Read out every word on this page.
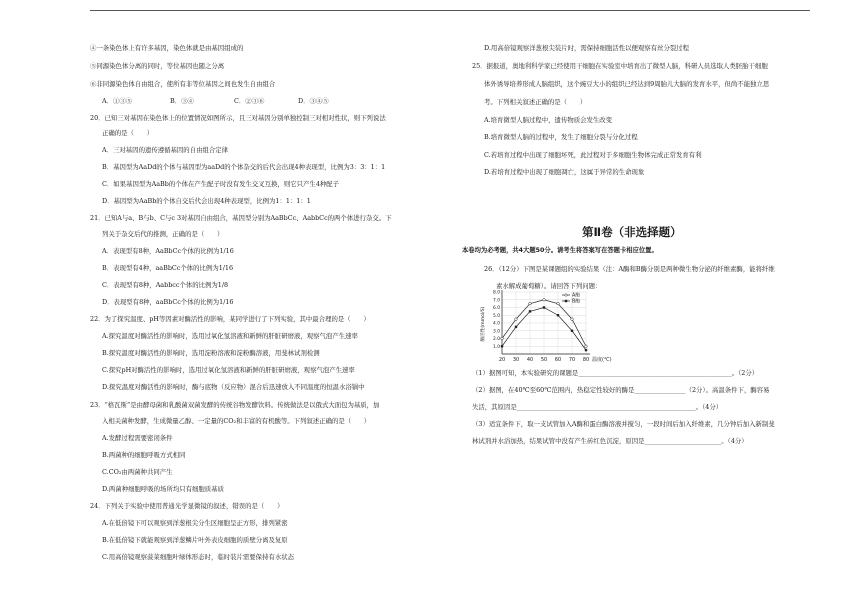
④一条染色体上有许多基因，染色体就是由基因组成的
⑤同源染色体分离的同时，等位基因也随之分离
⑥非同源染色体自由组合，使所有非等位基因之间也发生自由组合
A．①③⑤	B．③④	C．②③⑥	D．③④⑤
20．已知三对基因在染色体上的位置情况如图所示，且三对基因分别单独控制三对相对性状，则下列说法
正确的是（　　）
A．三对基因的遗传遵循基因的自由组合定律
B．基因型为AaDd的个体与基因型为aaDd的个体杂交的后代会出现4种表现型，比例为3：3：1：1
C．如果基因型为AaBb的个体在产生配子时没有发生交叉互换，则它只产生4种配子
D．基因型为AaBb的个体自交后代会出现4种表现型，比例为1：1：1：1
21．已知A与a、B与b、C与c 3对基因自由组合，基因型分别为AaBbCc、AabbCc的两个体进行杂交。下
列关于杂交后代的推测，正确的是（　　）
A．表现型有8种，AaBbCc个体的比例为1/16
B．表现型有4种，aaBbCc个体的比例为1/16
C．表现型有8种，Aabbcc个体的比例为1/8
D．表现型有8种，aaBbCc个体的比例为1/16
22．为了探究温度、pH等因素对酶活性的影响，某同学进行了下列实验，其中最合理的是（　　）
A.探究温度对酶活性的影响时，选用过氧化氢溶液和新鲜的肝脏研磨液，观察气泡产生速率
B.探究温度对酶活性的影响时，选用淀粉溶液和淀粉酶溶液，用斐林试剂检测
C.探究pH对酶活性的影响时，选用过氧化氢溶液和新鲜的肝脏研磨液，观察气泡产生速率
D.探究温度对酶活性的影响时，酶与底物（反应物）混合后迅速放入不同温度的恒温水浴锅中
23．“格瓦斯”是由酵母菌和乳酸菌双菌发酵的传统谷物发酵饮料。传统做法是以俄式大面包为基质，加
入相关菌种发酵，生成微量乙醇、一定量的CO₂和丰富的有机酸等。下列叙述正确的是（　　）
A.发酵过程需要密闭条件
B.两菌种的细胞呼吸方式相同
C.CO₂由两菌种共同产生
D.两菌种细胞呼吸的场所均只有细胞质基质
24．下列关于实验中使用普通光学显微镜的叙述，错误的是（　　）
A.在低倍镜下可以观察到洋葱根尖分生区细胞呈正方形，排列紧密
B.在低倍镜下就能观察到洋葱鳞片叶外表皮细胞的质壁分离及复原
C.用高倍镜观察菠菜细胞叶绿体形态时，临时装片需要保持有水状态
D.用高倍镜观察洋葱根尖装片时，需保持细胞活性以便观察有丝分裂过程
25．据报道，奥地利科学家已经使用干细胞在实验室中培育出了微型人脑，科研人员选取人类胚胎干细胞
体外诱导培养形成人脑组织，这个豌豆大小的组织已经达到9周胎儿大脑的发育水平，但尚不能独立思
考。下列相关叙述正确的是（　　）
A.培育微型人脑过程中，遗传物质会发生改变
B.培育微型人脑的过程中，发生了细胞分裂与分化过程
C.若培育过程中出现了细胞坏死，此过程对于多细胞生物体完成正常发育有利
D.若培育过程中出现了细胞凋亡，这属于异常的生命现象
第Ⅱ卷（非选择题）
本卷均为必考题，共4大题50分。请考生将答案写在答题卡相应位置。
26．（12分）下图是某课题组的实验结果（注：A酶和B酶分别是两种微生物分泌的纤维素酶，能将纤维
素水解成葡萄糖）。请回答下列问题：
20 30 40 50 60 70 80
1.0
2.0
3.0
4.0
5.0
6.0
7.0
8.0
温度(℃)
酶活性(mmol/S)
A酶
B酶
（1）据图可知，本实验研究的课题是________________________________________________。（2分）
（2）据图，在40℃至60℃范围内，热稳定性较好的酶是________________（2分）。高温条件下，酶容易
失活，其原因是________________________________________________________。（4分）
（3）适宜条件下，取一支试管加入A酶和蛋白酶溶液并搅匀，一段时间后加入纤维素，几分钟后加入新制斐
林试剂并水浴加热，结果试管中没有产生砖红色沉淀，原因是________________________。（4分）
